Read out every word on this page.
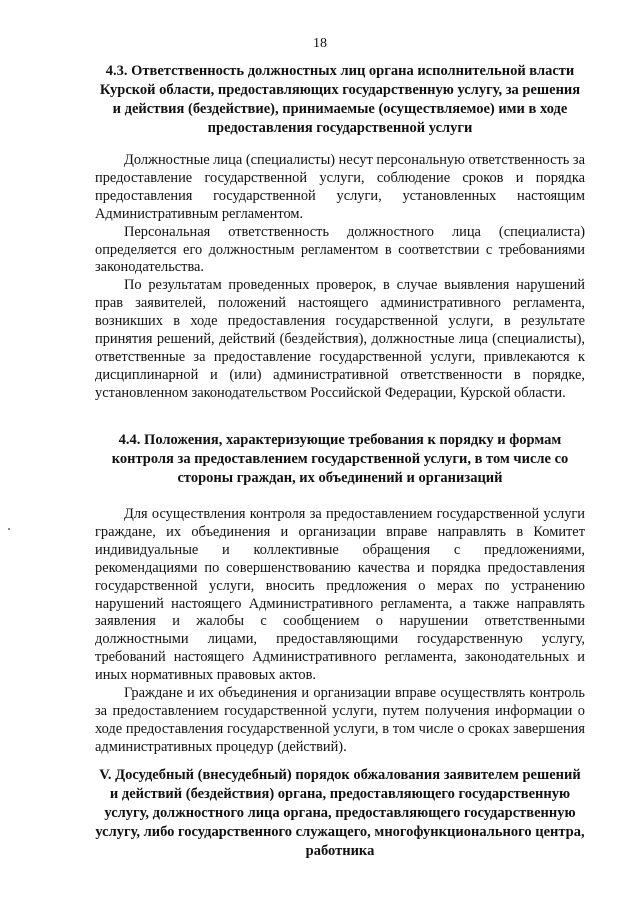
18
4.3. Ответственность должностных лиц органа исполнительной власти Курской области, предоставляющих государственную услугу, за решения и действия (бездействие), принимаемые (осуществляемое) ими в ходе предоставления государственной услуги

Должностные лица (специалисты) несут персональную ответственность за предоставление государственной услуги, соблюдение сроков и порядка предоставления государственной услуги, установленных настоящим Административным регламентом.

Персональная ответственность должностного лица (специалиста) определяется его должностным регламентом в соответствии с требованиями законодательства.

По результатам проведенных проверок, в случае выявления нарушений прав заявителей, положений настоящего административного регламента, возникших в ходе предоставления государственной услуги, в результате принятия решений, действий (бездействия), должностные лица (специалисты), ответственные за предоставление государственной услуги, привлекаются к дисциплинарной и (или) административной ответственности в порядке, установленном законодательством Российской Федерации, Курской области.

4.4. Положения, характеризующие требования к порядку и формам контроля за предоставлением государственной услуги, в том числе со стороны граждан, их объединений и организаций

Для осуществления контроля за предоставлением государственной услуги граждане, их объединения и организации вправе направлять в Комитет индивидуальные и коллективные обращения с предложениями, рекомендациями по совершенствованию качества и порядка предоставления государственной услуги, вносить предложения о мерах по устранению нарушений настоящего Административного регламента, а также направлять заявления и жалобы с сообщением о нарушении ответственными должностными лицами, предоставляющими государственную услугу, требований настоящего Административного регламента, законодательных и иных нормативных правовых актов.

Граждане и их объединения и организации вправе осуществлять контроль за предоставлением государственной услуги, путем получения информации о ходе предоставления государственной услуги, в том числе о сроках завершения административных процедур (действий).

V. Досудебный (внесудебный) порядок обжалования заявителем решений и действий (бездействия) органа, предоставляющего государственную услугу, должностного лица органа, предоставляющего государственную услугу, либо государственного служащего, многофункционального центра, работника
